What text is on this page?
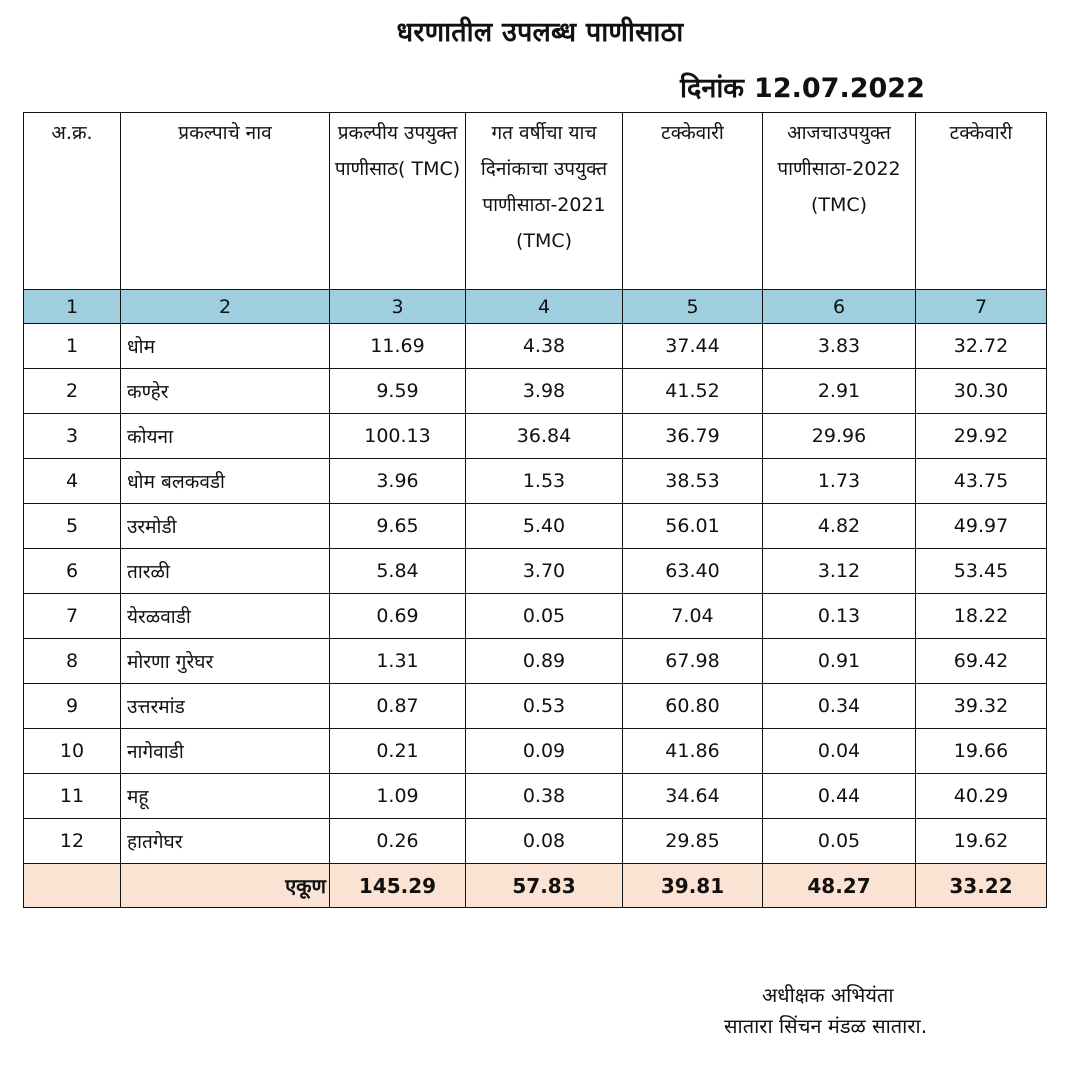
धरणातील उपलब्ध पाणीसाठा
दिनांक 12.07.2022
अ.क्र.	प्रकल्पाचे नाव	प्रकल्पीय उपयुक्त पाणीसाठ( TMC)	गत वर्षीचा याच दिनांकाचा उपयुक्त पाणीसाठा-2021 (TMC)	टक्केवारी	आजचाउपयुक्त पाणीसाठा-2022 (TMC)	टक्केवारी

1	2	3	4	5	6	7
1	धोम	11.69	4.38	37.44	3.83	32.72
2	कण्हेर	9.59	3.98	41.52	2.91	30.30
3	कोयना	100.13	36.84	36.79	29.96	29.92
4	धोम बलकवडी	3.96	1.53	38.53	1.73	43.75
5	उरमोडी	9.65	5.40	56.01	4.82	49.97
6	तारळी	5.84	3.70	63.40	3.12	53.45
7	येरळवाडी	0.69	0.05	7.04	0.13	18.22
8	मोरणा गुरेघर	1.31	0.89	67.98	0.91	69.42
9	उत्तरमांड	0.87	0.53	60.80	0.34	39.32
10	नागेवाडी	0.21	0.09	41.86	0.04	19.66
11	महू	1.09	0.38	34.64	0.44	40.29
12	हातगेघर	0.26	0.08	29.85	0.05	19.62
	एकूण	145.29	57.83	39.81	48.27	33.22
अधीक्षक अभियंता
सातारा सिंचन मंडळ सातारा.
